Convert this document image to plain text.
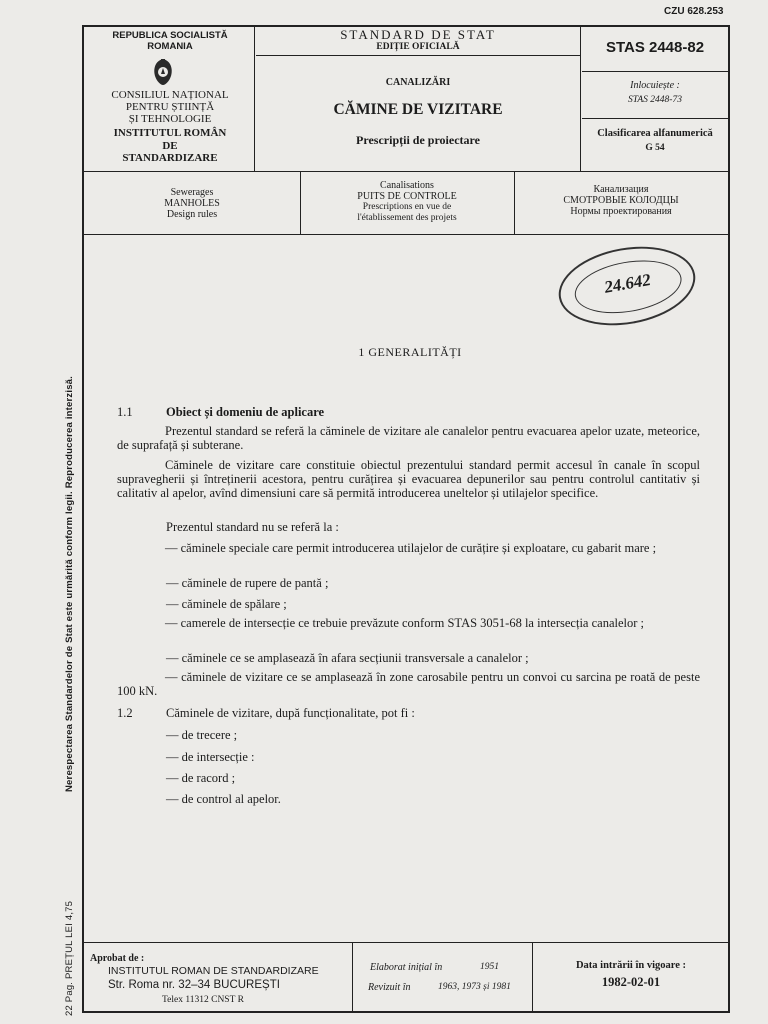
CZU 628.253
REPUBLICA SOCIALISTĂ
ROMANIA
CONSILIUL NAȚIONAL
PENTRU ȘTIINȚĂ
ȘI TEHNOLOGIE
INSTITUTUL ROMÂN
DE
STANDARDIZARE
STANDARD DE STAT
EDIȚIE OFICIALĂ
CANALIZĂRI
CĂMINE DE VIZITARE
Prescripții de proiectare
STAS 2448-82
Inlocuiește :
STAS 2448-73
Clasificarea alfanumerică
G 54
Sewerages
MANHOLES
Design rules
Canalisations
PUITS DE CONTROLE
Prescriptions en vue de
l'établissement des projets
Канализация
СМОТРОВЫЕ КОЛОДЦЫ
Нормы проектирования
24.642
1 GENERALITĂȚI
1.1	Obiect și domeniu de aplicare
Prezentul standard se referă la căminele de vizitare ale canalelor pentru evacuarea apelor uzate, meteorice, de suprafață și subterane.
Căminele de vizitare care constituie obiectul prezentului standard permit accesul în canale în scopul supravegherii și întreținerii acestora, pentru curățirea și evacuarea depunerilor sau pentru controlul cantitativ și calitativ al apelor, avînd dimensiuni care să permită introducerea uneltelor și utilajelor specifice.
Prezentul standard nu se referă la :
— căminele speciale care permit introducerea utilajelor de curățire și exploatare, cu gabarit mare ;
— căminele de rupere de pantă ;
— căminele de spălare ;
— camerele de intersecție ce trebuie prevăzute conform STAS 3051-68 la intersecția canalelor ;
— căminele ce se amplasează în afara secțiunii transversale a canalelor ;
— căminele de vizitare ce se amplasează în zone carosabile pentru un convoi cu sarcina pe roată de peste 100 kN.
1.2	Căminele de vizitare, după funcționalitate, pot fi :
— de trecere ;
— de intersecție :
— de racord ;
— de control al apelor.
Nerespectarea Standardelor de Stat este urmărită conform legii. Reproducerea interzisă.
22 Pag. PREȚUL LEI 4,75 Aprobat de :
INSTITUTUL ROMAN DE STANDARDIZARE
Str. Roma nr. 32–34 BUCUREȘTI
Telex 11312 CNST R
Elaborat inițial în	1951
Revizuit în	1963, 1973 și 1981
Data intrării în vigoare :
1982-02-01
